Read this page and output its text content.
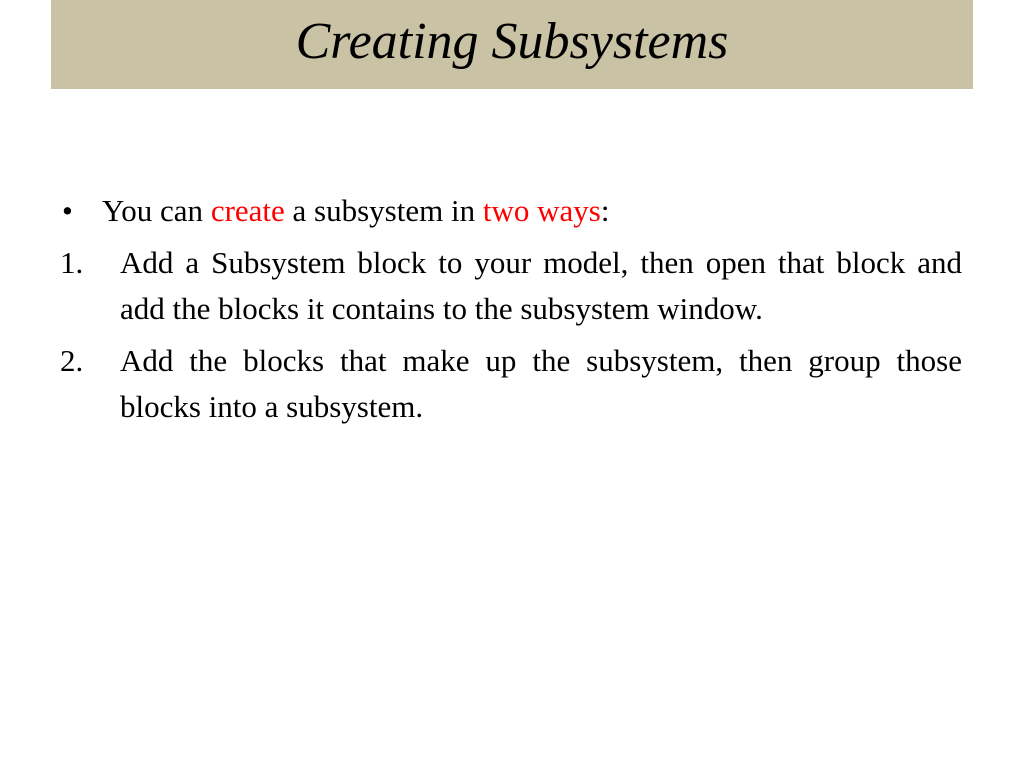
Creating Subsystems
• You can create a subsystem in two ways:
1.	Add a Subsystem block to your model, then open that block and add the blocks it contains to the subsystem window.
2.	Add the blocks that make up the subsystem, then group those blocks into a subsystem.
